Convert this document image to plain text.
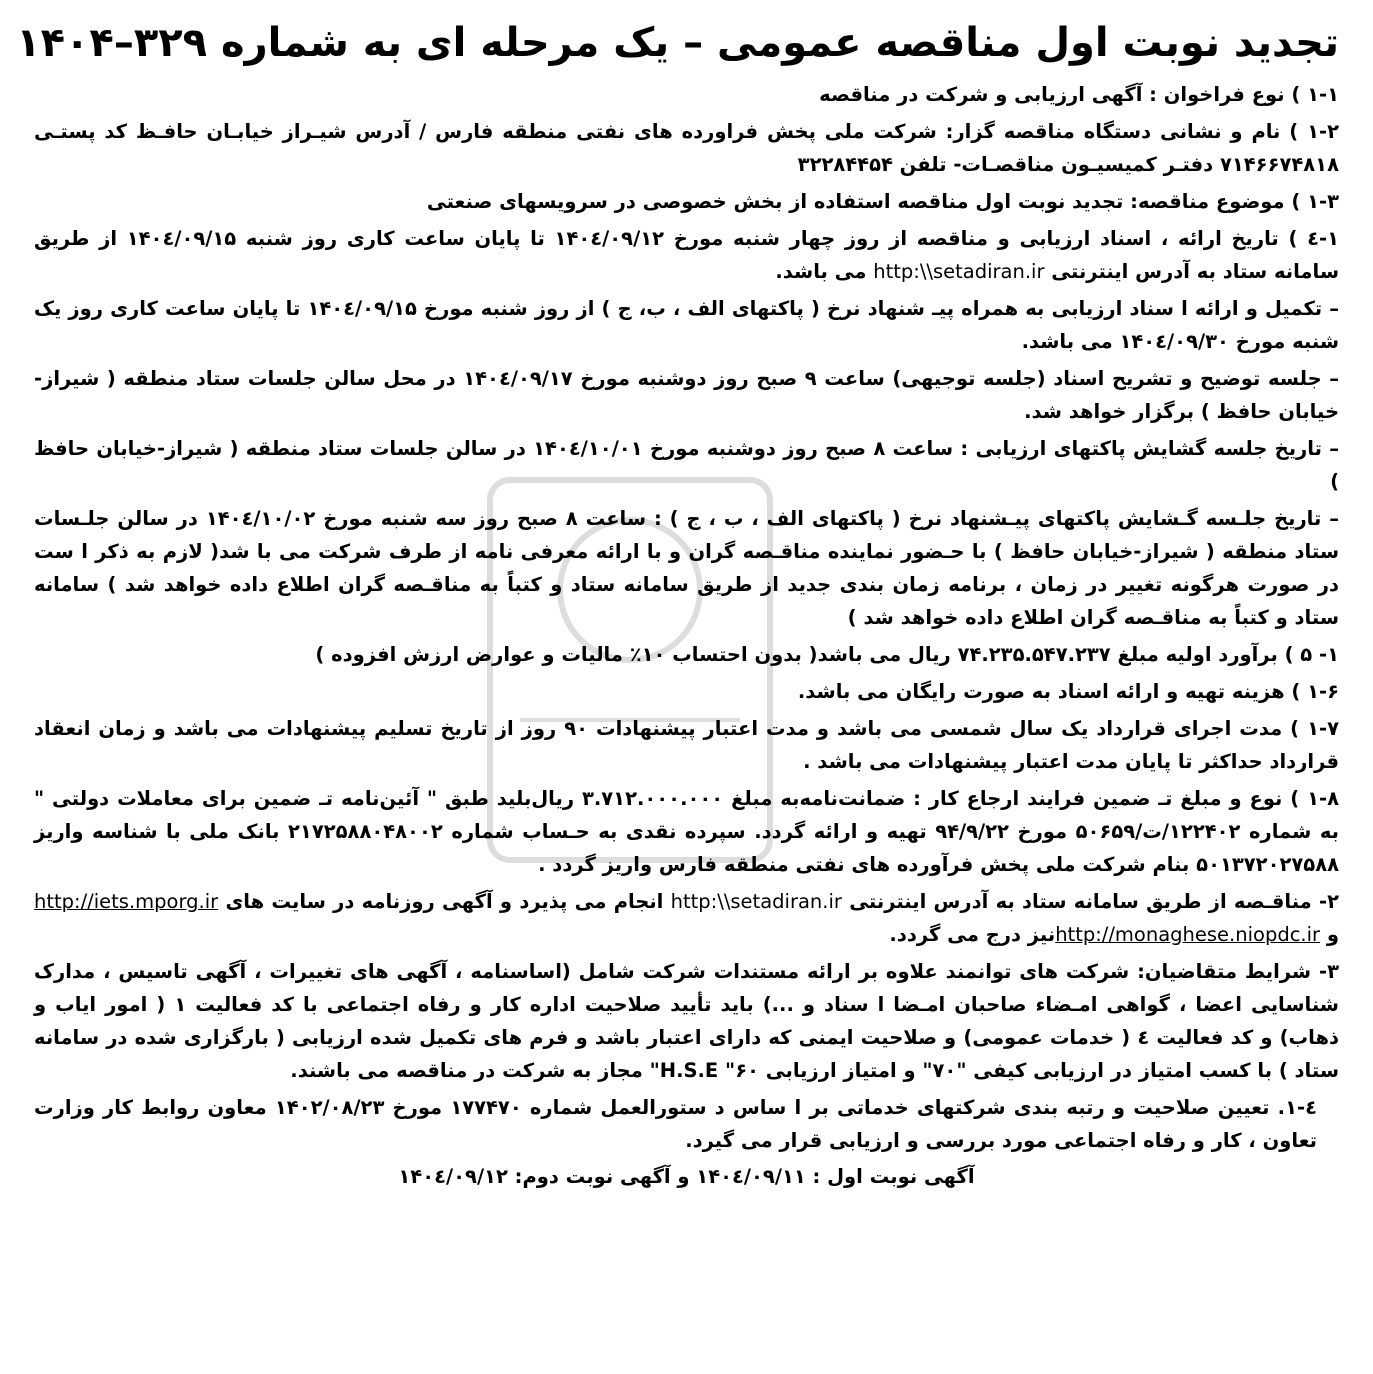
تجدید نوبت اول مناقصه عمومی – یک مرحله ای به شماره ۳۲۹–۱۴۰۴

۱-۱ ) نوع فراخوان : آگهی ارزیابی و شرکت در مناقصه

۱-۲ ) نام و نشانی دستگاه مناقصه گزار: شرکت ملی پخش فراورده های نفتی منطقه فارس / آدرس شیـراز خیابـان حافـظ کد پستـی ۷۱۴۶۶۷۴۸۱۸ دفتـر کمیسیـون مناقصـات- تلفن ۳۲۲۸۴۴۵۴

۱-۳ ) موضوع مناقصه: تجدید نوبت اول مناقصه استفاده از بخش خصوصی در سرویسهای صنعتی

۱-٤ ) تاریخ ارائه ، اسناد ارزیابی و مناقصه از روز چهار شنبه مورخ ۱۴۰٤/۰۹/۱۲ تا پایان ساعت کاری روز شنبه ۱۴۰٤/۰۹/۱۵ از طریق سامانه ستاد به آدرس اینترنتی http:\\setadiran.ir می باشد.

– تکمیل و ارائه ا سناد ارزیابی به همراه پیـ شنهاد نرخ ( پاکتهای الف ، ب، ج ) از روز شنبه مورخ ۱۴۰٤/۰۹/۱۵ تا پایان ساعت کاری روز یک شنبه مورخ ۱۴۰٤/۰۹/۳۰ می باشد.

– جلسه توضیح و تشریح اسناد (جلسه توجیهی) ساعت ۹ صبح روز دوشنبه مورخ ۱۴۰٤/۰۹/۱۷ در محل سالن جلسات ستاد منطقه ( شیراز- خیابان حافظ ) برگزار خواهد شد.

– تاریخ جلسه گشایش پاکتهای ارزیابی : ساعت ۸ صبح روز دوشنبه مورخ ۱۴۰٤/۱۰/۰۱ در سالن جلسات ستاد منطقه ( شیراز-خیابان حافظ )

– تاریخ جلـسه گـشایش پاکتهای پیـشنهاد نرخ ( پاکتهای الف ، ب ، ج ) : ساعت ۸ صبح روز سه شنبه مورخ ۱۴۰٤/۱۰/۰۲ در سالن جلـسات ستاد منطقه ( شیراز-خیابان حافظ ) با حـضور نماینده مناقـصه گران و با ارائه معرفی نامه از طرف شرکت می با شد( لازم به ذکر ا ست در صورت هرگونه تغییر در زمان ، برنامه زمان بندی جدید از طریق سامانه ستاد و کتباً به مناقـصه گران اطلاع داده خواهد شد ) سامانه ستاد و کتباً به مناقـصه گران اطلاع داده خواهد شد )

۱- ۵ ) برآورد اولیه مبلغ ۷۴.۲۳۵.۵۴۷.۲۳۷ ریال می باشد( بدون احتساب ۱۰٪ مالیات و عوارض ارزش افزوده )

۱-۶ ) هزینه تهیه و ارائه اسناد به صورت رایگان می باشد.

۱-۷ ) مدت اجرای قرارداد یک سال شمسی می باشد و مدت اعتبار پیشنهادات ۹۰ روز از تاریخ تسلیم پیشنهادات می باشد و زمان انعقاد قرارداد حداکثر تا پایان مدت اعتبار پیشنهادات می باشد .

۱-۸ ) نوع و مبلغ تـ ضمین فرایند ارجاع کار : ضمانت‌نامه‌به مبلغ ۳.۷۱۲.۰۰۰.۰۰۰ ریال‌بلید طبق " آئین‌نامه تـ ضمین برای معاملات دولتی " به شماره ۱۲۲۴۰۲/ت/۵۰۶۵۹ مورخ ۹۴/۹/۲۲ تهیه و ارائه گردد. سپرده نقدی به حـساب شماره ۲۱۷۲۵۸۸۰۴۸۰۰۲ بانک ملی با شناسه واریز ۵۰۱۳۷۲۰۲۷۵۸۸ بنام شرکت ملی پخش فرآورده های نفتی منطقه فارس واریز گردد .

۲- مناقـصه از طریق سامانه ستاد به آدرس اینترنتی http:\\setadiran.ir انجام می پذیرد و آگهی روزنامه در سایت های http://iets.mporg.ir و http://monaghese.niopdc.irنیز درج می گردد.

۳- شرایط متقاضیان: شرکت های توانمند علاوه بر ارائه مستندات شرکت شامل (اساسنامه ، آگهی های تغییرات ، آگهی تاسیس ، مدارک شناسایی اعضا ، گواهی امـضاء صاحبان امـضا ا سناد و ...) باید تأیید صلاحیت اداره کار و رفاه اجتماعی با کد فعالیت ۱ ( امور ایاب و ذهاب) و کد فعالیت ٤ ( خدمات عمومی) و صلاحیت ایمنی که دارای اعتبار باشد و فرم های تکمیل شده ارزیابی ( بارگزاری شده در سامانه ستاد ) با کسب امتیاز در ارزیابی کیفی "۷۰" و امتیاز ارزیابی H.S.E "۶۰" مجاز به شرکت در مناقصه می باشند.

٤-۱. تعیین صلاحیت و رتبه بندی شرکتهای خدماتی بر ا ساس د ستورالعمل شماره ۱۷۷۴۷۰ مورخ ۱۴۰۲/۰۸/۲۳ معاون روابط کار وزارت تعاون ، کار و رفاه اجتماعی مورد بررسی و ارزیابی قرار می گیرد.

آگهی نوبت اول : ۱۴۰٤/۰۹/۱۱ و آگهی نوبت دوم: ۱۴۰٤/۰۹/۱۲
